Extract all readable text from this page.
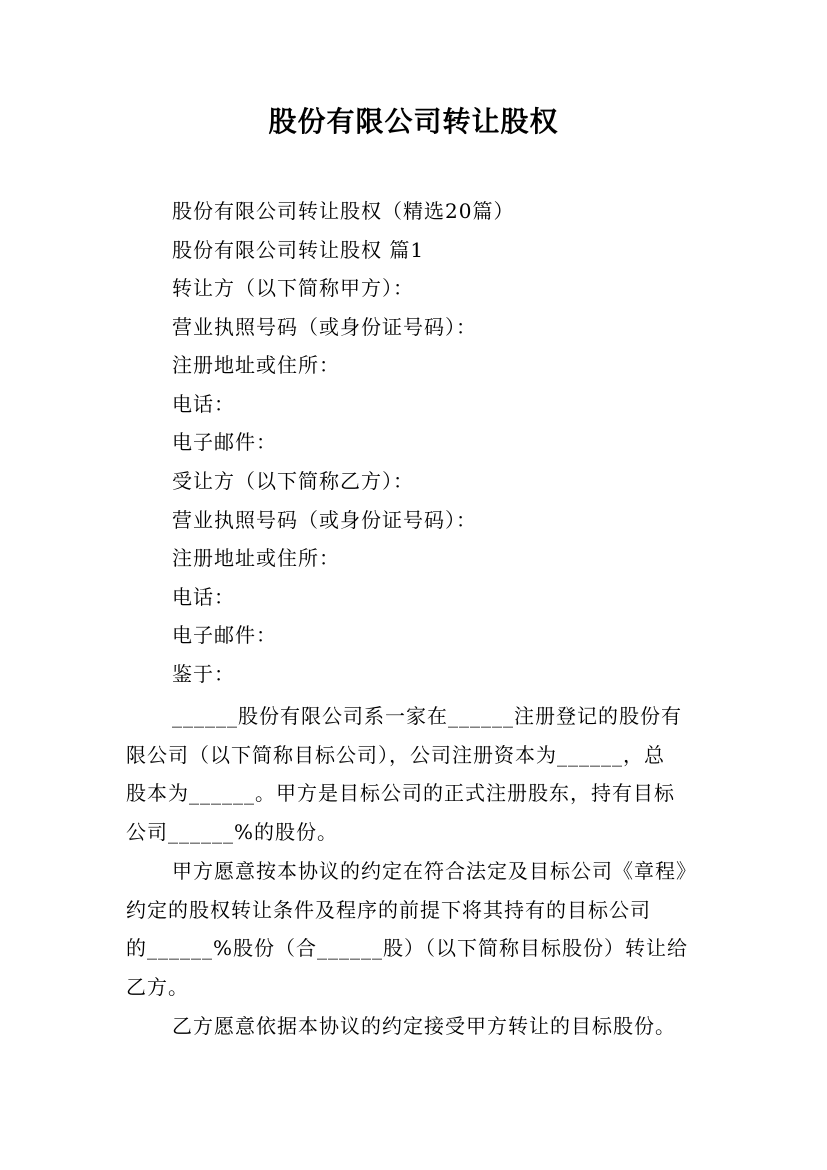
股份有限公司转让股权
股份有限公司转让股权（精选20篇）
股份有限公司转让股权 篇1
转让方（以下简称甲方）：
营业执照号码（或身份证号码）：
注册地址或住所：
电话：
电子邮件：
受让方（以下简称乙方）：
营业执照号码（或身份证号码）：
注册地址或住所：
电话：
电子邮件：
鉴于：
______股份有限公司系一家在______注册登记的股份有
限公司（以下简称目标公司），公司注册资本为______，总
股本为______。甲方是目标公司的正式注册股东，持有目标
公司______%的股份。
甲方愿意按本协议的约定在符合法定及目标公司《章程》
约定的股权转让条件及程序的前提下将其持有的目标公司
的______%股份（合______股）（以下简称目标股份）转让给
乙方。
乙方愿意依据本协议的约定接受甲方转让的目标股份。
